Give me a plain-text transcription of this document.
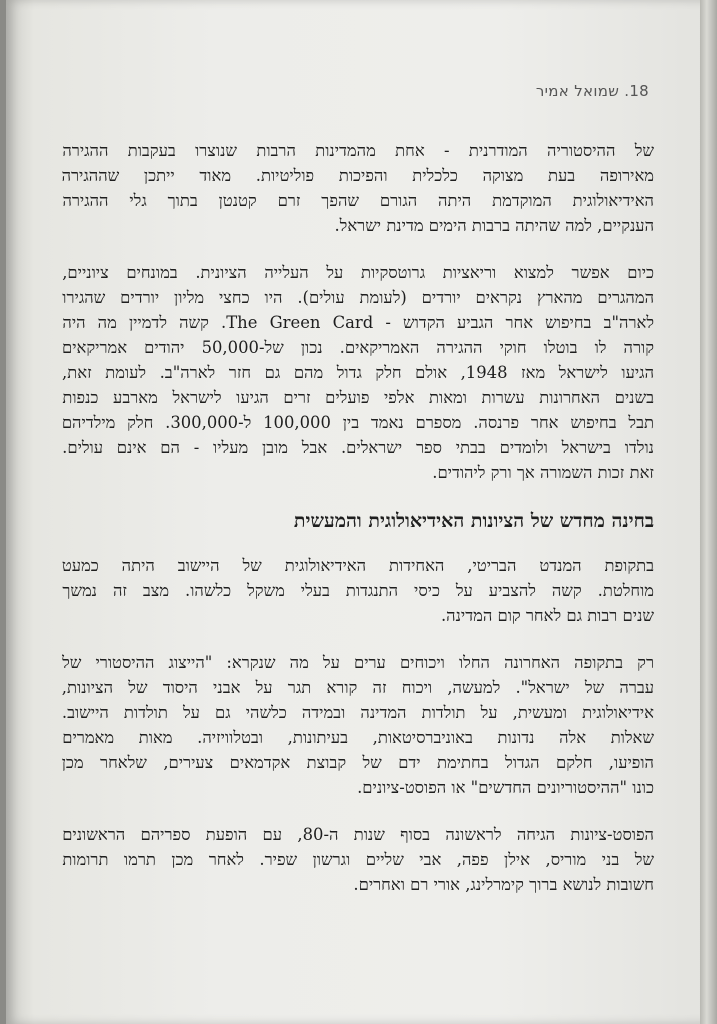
18. שמואל אמיר
של ההיסטוריה המודרנית - אחת מהמדינות הרבות שנוצרו בעקבות ההגירה
מאירופה בעת מצוקה כלכלית והפיכות פוליטיות. מאוד ייתכן שההגירה
האידיאולוגית המוקדמת היתה הגורם שהפך זרם קטנטן בתוך גלי ההגירה
הענקיים, למה שהיתה ברבות הימים מדינת ישראל.
כיום אפשר למצוא וריאציות גרוטסקיות על העלייה הציונית. במונחים ציוניים,
המהגרים מהארץ נקראים יורדים (לעומת עולים). היו כחצי מליון יורדים שהגירו
לארה"ב בחיפוש אחר הגביע הקדוש - The Green Card. קשה לדמיין מה היה
קורה לו בוטלו חוקי ההגירה האמריקאים. נכון של-50,000 יהודים אמריקאים
הגיעו לישראל מאז 1948, אולם חלק גדול מהם גם חזר לארה"ב. לעומת זאת,
בשנים האחרונות עשרות ומאות אלפי פועלים זרים הגיעו לישראל מארבע כנפות
תבל בחיפוש אחר פרנסה. מספרם נאמד בין 100,000 ל-300,000. חלק מילדיהם
נולדו בישראל ולומדים בבתי ספר ישראלים. אבל מובן מעליו - הם אינם עולים.
זאת זכות השמורה אך ורק ליהודים.
בחינה מחדש של הציונות האידיאולוגית והמעשית
בתקופת המנדט הבריטי, האחידות האידיאולוגית של היישוב היתה כמעט
מוחלטת. קשה להצביע על כיסי התנגדות בעלי משקל כלשהו. מצב זה נמשך
שנים רבות גם לאחר קום המדינה.
רק בתקופה האחרונה החלו ויכוחים ערים על מה שנקרא: "הייצוג ההיסטורי של
עברה של ישראל". למעשה, ויכוח זה קורא תגר על אבני היסוד של הציונות,
אידיאולוגית ומעשית, על תולדות המדינה ובמידה כלשהי גם על תולדות היישוב.
שאלות אלה נדונות באוניברסיטאות, בעיתונות, ובטלוויזיה. מאות מאמרים
הופיעו, חלקם הגדול בחתימת ידם של קבוצת אקדמאים צעירים, שלאחר מכן
כונו "ההיסטוריונים החדשים" או הפוסט-ציונים.
הפוסט-ציונות הגיחה לראשונה בסוף שנות ה-80, עם הופעת ספריהם הראשונים
של בני מוריס, אילן פפה, אבי שליים וגרשון שפיר. לאחר מכן תרמו תרומות
חשובות לנושא ברוך קימרלינג, אורי רם ואחרים.
